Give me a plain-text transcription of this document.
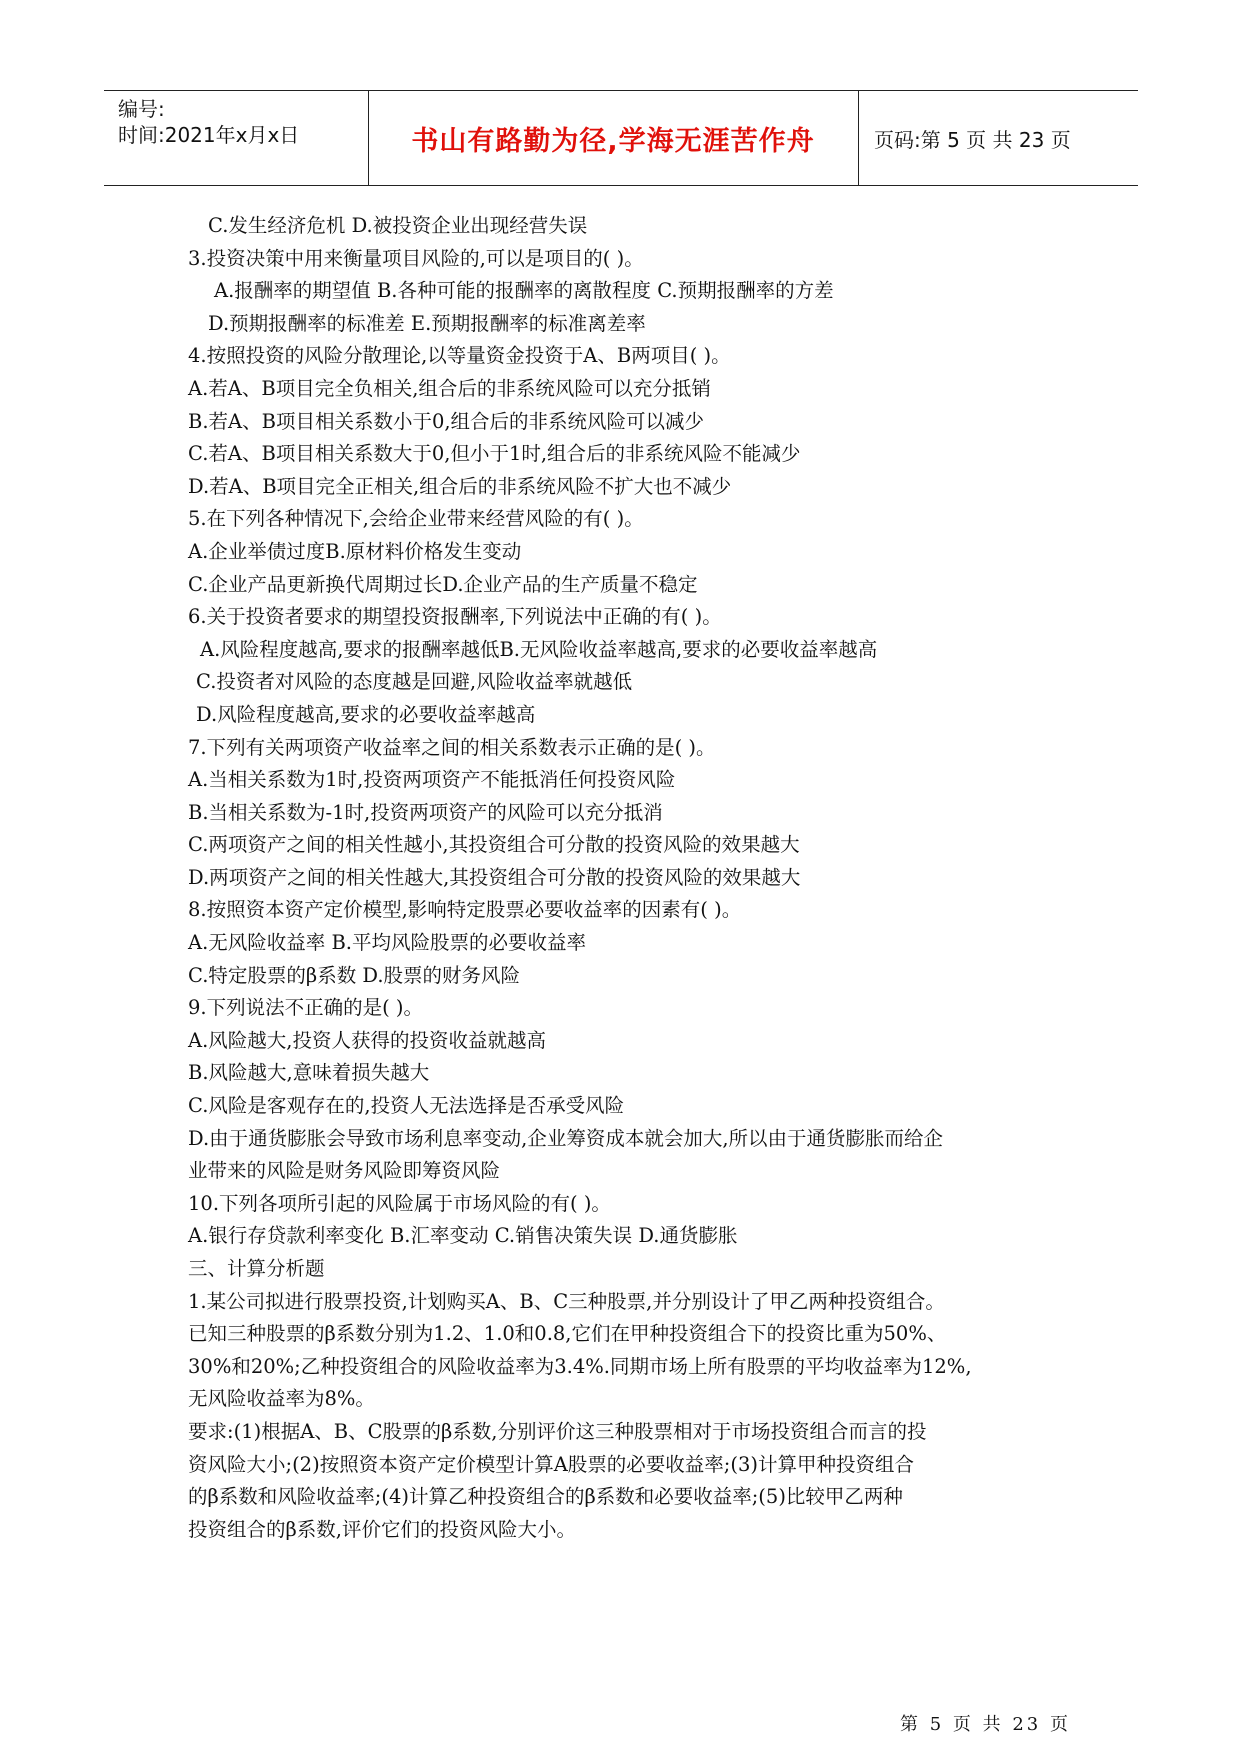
编号:
时间:2021年x月x日	书山有路勤为径,学海无涯苦作舟	页码:第 5 页 共 23 页
C.发生经济危机 D.被投资企业出现经营失误
3.投资决策中用来衡量项目风险的,可以是项目的( )。
A.报酬率的期望值 B.各种可能的报酬率的离散程度 C.预期报酬率的方差
D.预期报酬率的标准差 E.预期报酬率的标准离差率
4.按照投资的风险分散理论,以等量资金投资于A、B两项目( )。
A.若A、B项目完全负相关,组合后的非系统风险可以充分抵销
B.若A、B项目相关系数小于0,组合后的非系统风险可以减少
C.若A、B项目相关系数大于0,但小于1时,组合后的非系统风险不能减少
D.若A、B项目完全正相关,组合后的非系统风险不扩大也不减少
5.在下列各种情况下,会给企业带来经营风险的有( )。
A.企业举债过度B.原材料价格发生变动
C.企业产品更新换代周期过长D.企业产品的生产质量不稳定
6.关于投资者要求的期望投资报酬率,下列说法中正确的有( )。
A.风险程度越高,要求的报酬率越低B.无风险收益率越高,要求的必要收益率越高
C.投资者对风险的态度越是回避,风险收益率就越低
D.风险程度越高,要求的必要收益率越高
7.下列有关两项资产收益率之间的相关系数表示正确的是( )。
A.当相关系数为1时,投资两项资产不能抵消任何投资风险
B.当相关系数为-1时,投资两项资产的风险可以充分抵消
C.两项资产之间的相关性越小,其投资组合可分散的投资风险的效果越大
D.两项资产之间的相关性越大,其投资组合可分散的投资风险的效果越大
8.按照资本资产定价模型,影响特定股票必要收益率的因素有( )。
A.无风险收益率 B.平均风险股票的必要收益率
C.特定股票的β系数 D.股票的财务风险
9.下列说法不正确的是( )。
A.风险越大,投资人获得的投资收益就越高
B.风险越大,意味着损失越大
C.风险是客观存在的,投资人无法选择是否承受风险
D.由于通货膨胀会导致市场利息率变动,企业筹资成本就会加大,所以由于通货膨胀而给企
业带来的风险是财务风险即筹资风险
10.下列各项所引起的风险属于市场风险的有( )。
A.银行存贷款利率变化 B.汇率变动 C.销售决策失误 D.通货膨胀
三、计算分析题
1.某公司拟进行股票投资,计划购买A、B、C三种股票,并分别设计了甲乙两种投资组合。
已知三种股票的β系数分别为1.2、1.0和0.8,它们在甲种投资组合下的投资比重为50%、
30%和20%;乙种投资组合的风险收益率为3.4%.同期市场上所有股票的平均收益率为12%,
无风险收益率为8%。
要求:(1)根据A、B、C股票的β系数,分别评价这三种股票相对于市场投资组合而言的投
资风险大小;(2)按照资本资产定价模型计算A股票的必要收益率;(3)计算甲种投资组合
的β系数和风险收益率;(4)计算乙种投资组合的β系数和必要收益率;(5)比较甲乙两种
投资组合的β系数,评价它们的投资风险大小。
第 5 页 共 23 页
